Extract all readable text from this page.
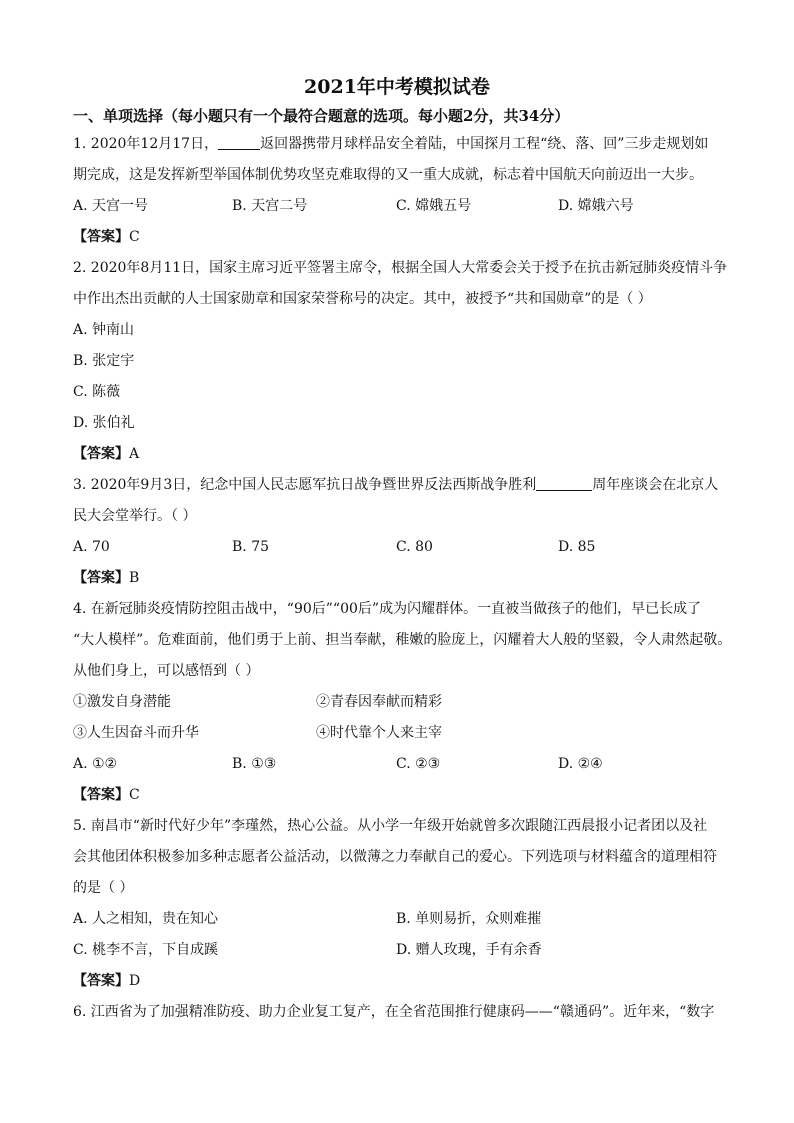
2021年中考模拟试卷
一、单项选择（每小题只有一个最符合题意的选项。每小题2分，共34分）
1. 2020年12月17日，	返回器携带月球样品安全着陆，中国探月工程“绕、落、回”三步走规划如
期完成，这是发挥新型举国体制优势攻坚克难取得的又一重大成就，标志着中国航天向前迈出一大步。
A. 天宫一号	B. 天宫二号	C. 嫦娥五号	D. 嫦娥六号
【答案】C
2. 2020年8月11日，国家主席习近平签署主席令，根据全国人大常委会关于授予在抗击新冠肺炎疫情斗争
中作出杰出贡献的人士国家勋章和国家荣誉称号的决定。其中，被授予“共和国勋章”的是（ ）
A. 钟南山
B. 张定宇
C. 陈薇
D. 张伯礼
【答案】A
3. 2020年9月3日，纪念中国人民志愿军抗日战争暨世界反法西斯战争胜利	周年座谈会在北京人
民大会堂举行。（ ）
A. 70	B. 75	C. 80	D. 85
【答案】B
4. 在新冠肺炎疫情防控阻击战中，“90后”“00后”成为闪耀群体。一直被当做孩子的他们，早已长成了
“大人模样”。危难面前，他们勇于上前、担当奉献，稚嫩的脸庞上，闪耀着大人般的坚毅，令人肃然起敬。
从他们身上，可以感悟到（ ）
①激发自身潜能	②青春因奉献而精彩
③人生因奋斗而升华	④时代靠个人来主宰
A. ①②	B. ①③	C. ②③	D. ②④
【答案】C
5. 南昌市“新时代好少年”李瑾然，热心公益。从小学一年级开始就曾多次跟随江西晨报小记者团以及社
会其他团体积极参加多种志愿者公益活动，以微薄之力奉献自己的爱心。下列选项与材料蕴含的道理相符
的是（ ）
A. 人之相知，贵在知心	B. 单则易折，众则难摧
C. 桃李不言，下自成蹊	D. 赠人玫瑰，手有余香
【答案】D
6. 江西省为了加强精准防疫、助力企业复工复产，在全省范围推行健康码——“赣通码”。近年来，“数字
